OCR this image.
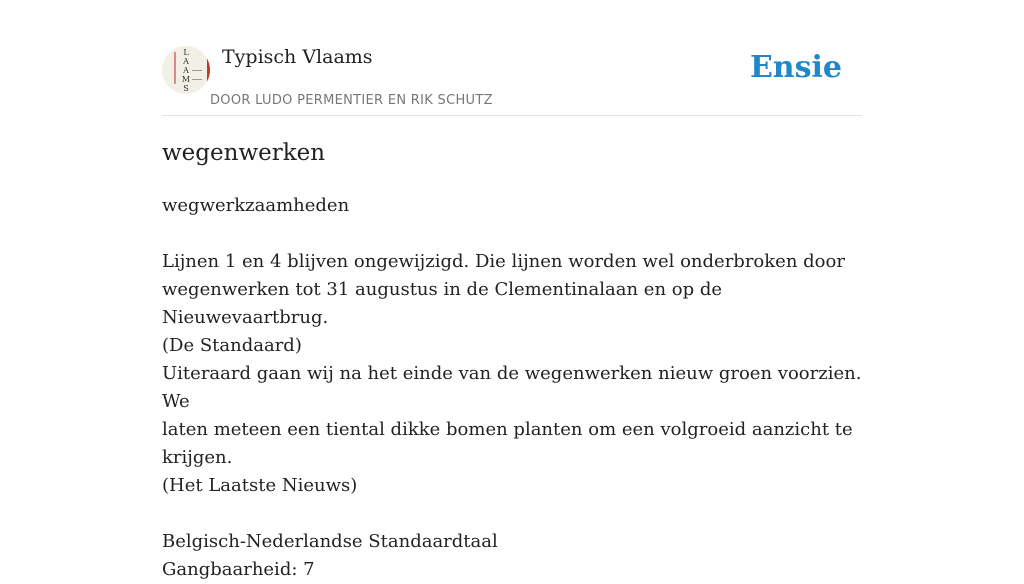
L
A
A
M
S
Typisch Vlaams
DOOR LUDO PERMENTIER EN RIK SCHUTZ
Ensie
wegenwerken

wegwerkzaamheden

Lijnen 1 en 4 blijven ongewijzigd. Die lijnen worden wel onderbroken door

wegenwerken tot 31 augustus in de Clementinalaan en op de Nieuwevaartbrug.

(De Standaard)

Uiteraard gaan wij na het einde van de wegenwerken nieuw groen voorzien. We

laten meteen een tiental dikke bomen planten om een volgroeid aanzicht te

krijgen.

(Het Laatste Nieuws)

Belgisch-Nederlandse Standaardtaal

Gangbaarheid: 7
